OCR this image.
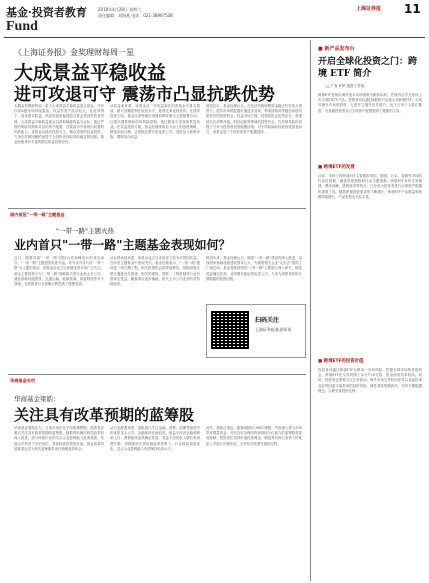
基金·投资者教育
Fund
2018年4月28日 星期六
责任编辑：刘海燕 电话：021-38967538
上海证券报 11
《上海证券报》金奖理财每周一星
大成景益平稳收益
进可攻退可守 震荡市凸显抗跌优势
本期金奖理财每周一星为大成景益平稳收益混合基金。今年以来A股市场持续震荡，权益类资产波动较大，在此背景下，追求绝对收益、风险较低的偏债混合基金受到投资者青睐。大成景益平稳收益基金以获取稳健收益为目标，通过严格的风险控制和灵活的资产配置，在震荡市中表现出较强的抗跌能力。该基金以债券投资为主，辅以适度的权益投资，力争在控制回撤的前提下为投资者获取持续稳定的回报。基金经理具有丰富的固定收益投资经验。
从收益率来看，该基金近一年收益率在同类基金中排名靠前，最大回撤控制在较低水平，夏普比率表现优异。在债券投资方面，基金以高等级信用债和利率债为主要配置方向，注重久期管理和信用风险控制，通过精选个券获取票息收益。在权益投资方面，基金经理采取自下而上的选股策略，精选估值合理、业绩稳定增长的优质公司，适度参与新股申购，增厚组合收益。
展望后市，基金经理认为，在经济结构调整和金融去杠杆的大背景下，债券市场的配置价值逐步显现，利率债和高等级信用债具备较好的投资机会。权益市场方面，结构性机会依然存在，将继续关注消费升级、科技创新等领域的投资机会，在控制风险的前提下力争为投资者创造稳健回报。对于风险偏好较低的投资者而言，该基金是一个较好的资产配置选择。
国内首批"一带一路"主题基金
"一带一路"主题火热
业内首只"一带一路"主题基金表现如何？
近日，随着首届"一带一路"国际合作高峰论坛的成功举办，"一带一路"主题投资再度升温。作为业内首只以"一带一路"为主题的基金，该基金自成立以来便受到市场广泛关注。基金主要投资于与"一带一路"战略相关的行业和上市公司，涵盖基础设施建设、交通运输、能源资源、装备制造等多个领域，为投资者分享战略红利提供了便捷渠道。
从业绩表现来看，该基金成立以来取得了较为可观的收益，在同类主题基金中表现突出。基金经理表示，"一带一路"建设是一项长期工程，相关投资机会将持续释放，基础设施互联互通是优先领域，相关的建筑、建材、工程机械等行业有望率先受益，随着项目逐步落地，相关上市公司业绩有望持续改善。
展望未来，基金经理认为，随着"一带一路"建设的深入推进，沿线国家基础设施建设需求巨大，为我国相关企业"走出去"提供了广阔空间。基金将继续围绕"一带一路"主题进行深入研究，精选受益确定性高、业绩增长稳定的优质公司，力争为投资者获取长期稳健的投资回报。
扫码关注
上海证券报基金周刊
华商基金专栏
华商基金梁皓：
关注具有改革预期的蓝筹股
华商基金梁皓认为，当前市场正处于结构调整期，投资者应重点关注具有改革预期的蓝筹股。随着供给侧结构性改革的深入推进，部分传统行业的龙头企业盈利能力显著改善，估值水平仍处于历史低位，具备较高的投资价值。国企改革持续推进也将为相关蓝筹股带来估值修复的机会。
从行业配置来看，梁皓建议关注金融、消费、周期等板块中的优质龙头公司。金融板块估值较低，受益于经济企稳和利率上行；消费板块业绩确定性高，受益于居民收入增长和消费升级；周期板块在供给侧改革背景下，行业格局持续优化，龙头企业盈利能力有望保持较高水平。
此外，梁皓还指出，随着A股纳入MSCI指数，外资流入将为市场带来增量资金，具有良好治理结构和持续分红能力的蓝筹股将更受青睐。投资者应坚持价值投资理念，精选具有核心竞争力的优质公司进行长期布局，分享经济转型升级的红利。
■ 新产品发布台
开启全球化投资之门：跨境 ETF 简介
□ 广发 ETF 投资工作室
跨境ETF是指以海外资本市场指数为跟踪标的，在境内证券交易所上市交易的ETF产品。投资者可以通过A股账户直接买卖跨境ETF，实现对海外市场的投资，无需开立境外证券账户，也不占用个人购汇额度，为普通投资者参与全球资产配置提供了便捷的工具。
■ 跨境ETF的发展
目前，市场上的跨境ETF主要跟踪美国、德国、日本、香港等市场的代表性指数，涵盖宽基指数和行业主题指数。跨境ETF具有交易便捷、费率低廉、透明度高等特点，已经成为投资者进行全球资产配置的重要工具。随着跨境投资需求的不断增长，跨境ETF产品数量和规模持续增长，产品类型也日趋丰富。
■ 跨境ETF的投资价值
投资者可通过跨境ETF分散单一市场风险，把握全球市场的投资机会。跨境ETF在交易机制上实行T+0交易，资金使用效率较高。同时，投资者也需要关注汇率波动、海外市场交易时间差异以及溢价率变化等因素可能带来的投资风险，理性看待短期波动，坚持长期配置理念，合理安排投资比例。
